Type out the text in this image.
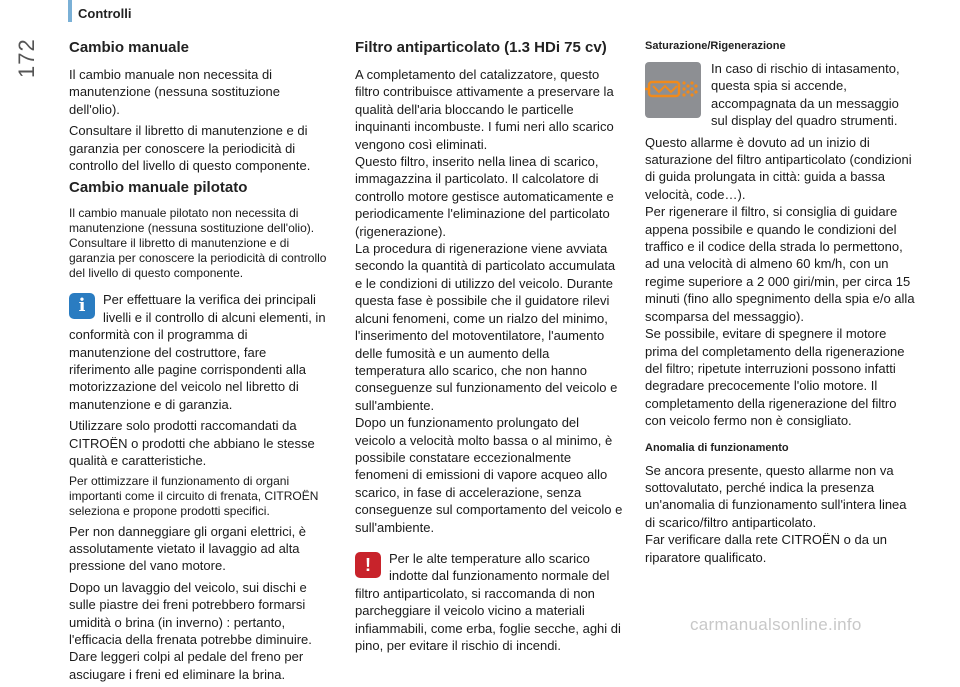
Controlli
172 Cambio manuale

Il cambio manuale non necessita di manutenzione (nessuna sostituzione dell'olio).

Consultare il libretto di manutenzione e di garanzia per conoscere la periodicità di controllo del livello di questo componente.

Cambio manuale pilotato

Il cambio manuale pilotato non necessita di manutenzione (nessuna sostituzione dell'olio).

Consultare il libretto di manutenzione e di garanzia per conoscere la periodicità di controllo del livello di questo componente.

i	Per effettuare la verifica dei principali livelli e il controllo di alcuni elementi, in conformità con il programma di manutenzione del costruttore, fare riferimento alle pagine corrispondenti alla motorizzazione del veicolo nel libretto di manutenzione e di garanzia.

Utilizzare solo prodotti raccomandati da CITROËN o prodotti che abbiano le stesse qualità e caratteristiche.

Per ottimizzare il funzionamento di organi importanti come il circuito di frenata, CITROËN seleziona e propone prodotti specifici.

Per non danneggiare gli organi elettrici, è assolutamente vietato il lavaggio ad alta pressione del vano motore.

Dopo un lavaggio del veicolo, sui dischi e sulle piastre dei freni potrebbero formarsi umidità o brina (in inverno) : pertanto, l'efficacia della frenata potrebbe diminuire. Dare leggeri colpi al pedale del freno per asciugare i freni ed eliminare la brina.

Filtro antiparticolato (1.3 HDi 75 cv)

A completamento del catalizzatore, questo filtro contribuisce attivamente a preservare la qualità dell'aria bloccando le particelle inquinanti incombuste. I fumi neri allo scarico vengono così eliminati.

Questo filtro, inserito nella linea di scarico, immagazzina il particolato. Il calcolatore di controllo motore gestisce automaticamente e periodicamente l'eliminazione del particolato (rigenerazione).

La procedura di rigenerazione viene avviata secondo la quantità di particolato accumulata e le condizioni di utilizzo del veicolo. Durante questa fase è possibile che il guidatore rilevi alcuni fenomeni, come un rialzo del minimo, l'inserimento del motoventilatore, l'aumento delle fumosità e un aumento della temperatura allo scarico, che non hanno conseguenze sul funzionamento del veicolo e sull'ambiente.

Dopo un funzionamento prolungato del veicolo a velocità molto bassa o al minimo, è possibile constatare eccezionalmente fenomeni di emissioni di vapore acqueo allo scarico, in fase di accelerazione, senza conseguenze sul comportamento del veicolo e sull'ambiente.

!	Per le alte temperature allo scarico indotte dal funzionamento normale del filtro antiparticolato, si raccomanda di non parcheggiare il veicolo vicino a materiali infiammabili, come erba, foglie secche, aghi di pino, per evitare il rischio di incendi.

Saturazione/Rigenerazione

In caso di rischio di intasamento, questa spia si accende, accompagnata da un messaggio sul display del quadro strumenti.

Questo allarme è dovuto ad un inizio di saturazione del filtro antiparticolato (condizioni di guida prolungata in città: guida a bassa velocità, code…).

Per rigenerare il filtro, si consiglia di guidare appena possibile e quando le condizioni del traffico e il codice della strada lo permettono, ad una velocità di almeno 60 km/h, con un regime superiore a 2 000 giri/min, per circa 15 minuti (fino allo spegnimento della spia e/o alla scomparsa del messaggio).

Se possibile, evitare di spegnere il motore prima del completamento della rigenerazione del filtro; ripetute interruzioni possono infatti degradare precocemente l'olio motore. Il completamento della rigenerazione del filtro con veicolo fermo non è consigliato.

Anomalia di funzionamento

Se ancora presente, questo allarme non va sottovalutato, perché indica la presenza un'anomalia di funzionamento sull'intera linea di scarico/filtro antiparticolato.

Far verificare dalla rete CITROËN o da un riparatore qualificato.

carmanualsonline.info
